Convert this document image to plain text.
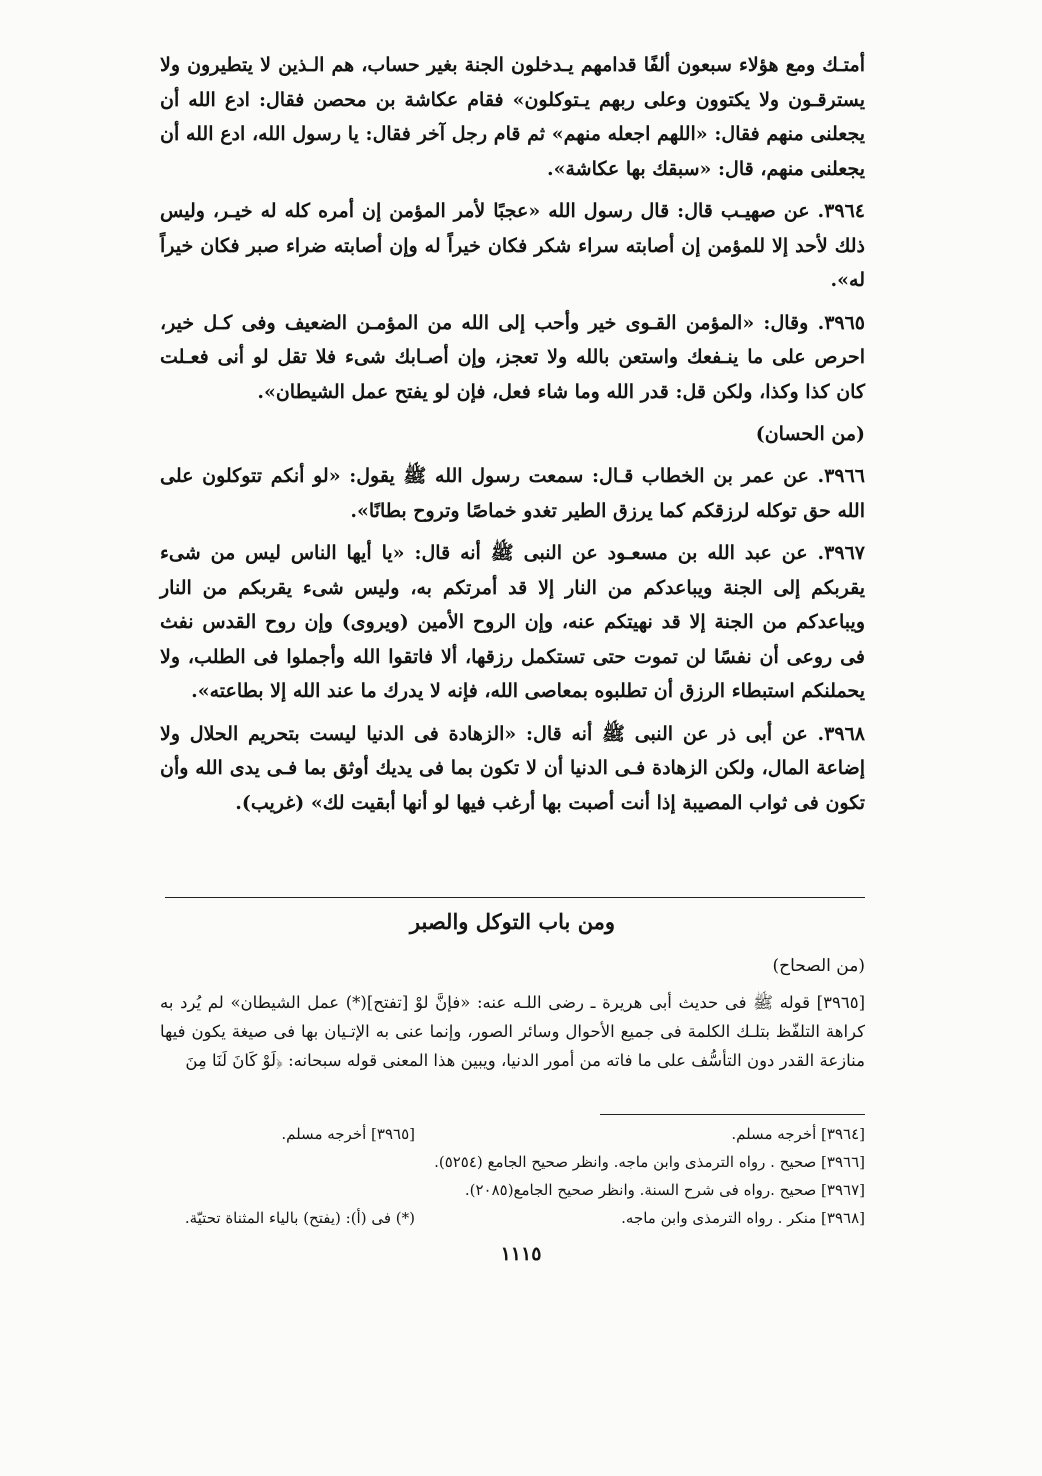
أمتـك ومع هؤلاء سبعون ألفًا قدامهم يـدخلون الجنة بغير حساب، هم الـذين لا يتطيرون ولا يسترقـون ولا يكتوون وعلى ربهم يـتوكلون» فقام عكاشة بن محصن فقال: ادع الله أن يجعلنى منهم فقال: «اللهم اجعله منهم» ثم قام رجل آخر فقال: يا رسول الله، ادع الله أن يجعلنى منهم، قال: «سبقك بها عكاشة».

٣٩٦٤. عن صهيـب قال: قال رسول الله «عجبًا لأمر المؤمن إن أمره كله له خيـر، وليس ذلك لأحد إلا للمؤمن إن أصابته سراء شكر فكان خيراً له وإن أصابته ضراء صبر فكان خيراً له».

٣٩٦٥. وقال: «المؤمن القـوى خير وأحب إلى الله من المؤمـن الضعيف وفى كـل خير، احرص على ما ينـفعك واستعن بالله ولا تعجز، وإن أصـابك شىء فلا تقل لو أنى فعـلت كان كذا وكذا، ولكن قل: قدر الله وما شاء فعل، فإن لو يفتح عمل الشيطان».

(من الحسان)

٣٩٦٦. عن عمر بن الخطاب قـال: سمعت رسول الله ﷺ يقول: «لو أنكم تتوكلون على الله حق توكله لرزقكم كما يرزق الطير تغدو خماصًا وتروح بطانًا».

٣٩٦٧. عن عبد الله بن مسعـود عن النبى ﷺ أنه قال: «يا أيها الناس ليس من شىء يقربكم إلى الجنة ويباعدكم من النار إلا قد أمرتكم به، وليس شىء يقربكم من النار ويباعدكم من الجنة إلا قد نهيتكم عنه، وإن الروح الأمين (ويروى) وإن روح القدس نفث فى روعى أن نفسًا لن تموت حتى تستكمل رزقها، ألا فاتقوا الله وأجملوا فى الطلب، ولا يحملنكم استبطاء الرزق أن تطلبوه بمعاصى الله، فإنه لا يدرك ما عند الله إلا بطاعته».

٣٩٦٨. عن أبى ذر عن النبى ﷺ أنه قال: «الزهادة فى الدنيا ليست بتحريم الحلال ولا إضاعة المال، ولكن الزهادة فـى الدنيا أن لا تكون بما فى يديك أوثق بما فـى يدى الله وأن تكون فى ثواب المصيبة إذا أنت أصبت بها أرغب فيها لو أنها أبقيت لك» (غريب).

ومن باب التوكل والصبر

(من الصحاح)

[٣٩٦٥] قوله ﷺ فى حديث أبى هريرة ـ رضى اللـه عنه: «فإنَّ لوْ [تفتح](*) عمل الشيطان» لم يُرد به كراهة التلفّظ بتلـك الكلمة فى جميع الأحوال وسائر الصور، وإنما عنى به الإتـيان بها فى صيغة يكون فيها منازعة القدر دون التأسُّف على ما فاته من أمور الدنيا، ويبين هذا المعنى قوله سبحانه: ﴿لَوْ كَانَ لَنَا مِنَ

[٣٩٦٤] أخرجه مسلم.
[٣٩٦٥] أخرجه مسلم.
[٣٩٦٦] صحيح . رواه الترمذى وابن ماجه. وانظر صحيح الجامع (٥٢٥٤).
[٣٩٦٧] صحيح .رواه فى شرح السنة. وانظر صحيح الجامع(٢٠٨٥).
[٣٩٦٨] منكر . رواه الترمذى وابن ماجه.
(*) فى (أ): (يفتح) بالياء المثناة تحتيّة.
١١١٥
